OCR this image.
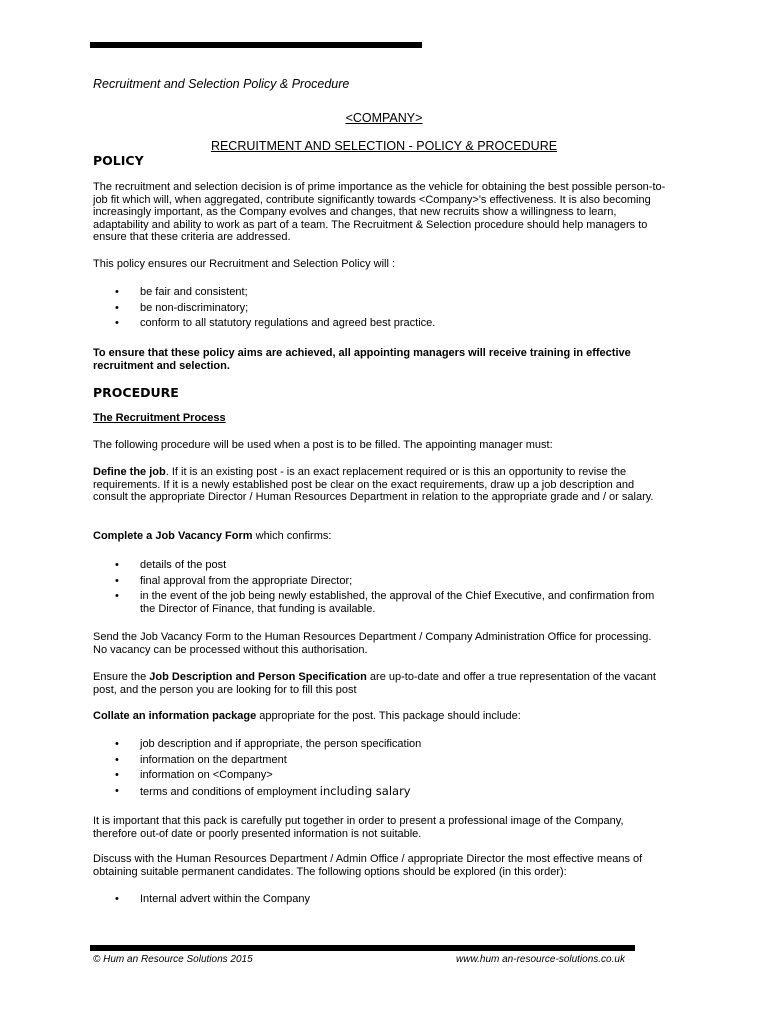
Recruitment and Selection Policy & Procedure
<COMPANY>
RECRUITMENT AND SELECTION - POLICY & PROCEDURE
POLICY
The recruitment and selection decision is of prime importance as the vehicle for obtaining the best possible person-to-job fit which will, when aggregated, contribute significantly towards <Company>'s effectiveness. It is also becoming increasingly important, as the Company evolves and changes, that new recruits show a willingness to learn, adaptability and ability to work as part of a team. The Recruitment & Selection procedure should help managers to ensure that these criteria are addressed.
This policy ensures our Recruitment and Selection Policy will :
• be fair and consistent;
• be non-discriminatory;
• conform to all statutory regulations and agreed best practice.
To ensure that these policy aims are achieved, all appointing managers will receive training in effective recruitment and selection.
PROCEDURE
The Recruitment Process
The following procedure will be used when a post is to be filled. The appointing manager must:
Define the job. If it is an existing post - is an exact replacement required or is this an opportunity to revise the requirements. If it is a newly established post be clear on the exact requirements, draw up a job description and consult the appropriate Director / Human Resources Department in relation to the appropriate grade and / or salary.
Complete a Job Vacancy Form which confirms:
• details of the post
• final approval from the appropriate Director;
• in the event of the job being newly established, the approval of the Chief Executive, and confirmation from the Director of Finance, that funding is available.
Send the Job Vacancy Form to the Human Resources Department / Company Administration Office for processing. No vacancy can be processed without this authorisation.
Ensure the Job Description and Person Specification are up-to-date and offer a true representation of the vacant post, and the person you are looking for to fill this post
Collate an information package appropriate for the post. This package should include:
• job description and if appropriate, the person specification
• information on the department
• information on <Company>
• terms and conditions of employment including salary
It is important that this pack is carefully put together in order to present a professional image of the Company, therefore out-of date or poorly presented information is not suitable.
Discuss with the Human Resources Department / Admin Office / appropriate Director the most effective means of obtaining suitable permanent candidates. The following options should be explored (in this order):
• Internal advert within the Company
© Hum an Resource Solutions 2015	www.hum an-resource-solutions.co.uk
